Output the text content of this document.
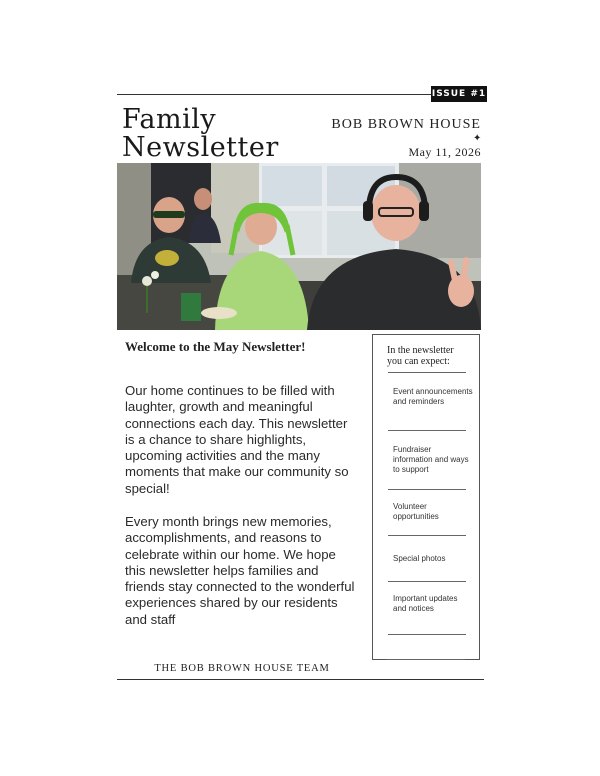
ISSUE #1
Family
Newsletter
BOB BROWN HOUSE
✦
May 11, 2026
Welcome to the May Newsletter!

Our home continues to be filled with laughter, growth and meaningful connections each day. This newsletter is a chance to share highlights, upcoming activities and the many moments that make our community so special!

Every month brings new memories, accomplishments, and reasons to celebrate within our home. We hope this newsletter helps families and friends stay connected to the wonderful experiences shared by our residents and staff

In the newsletter
you can expect:
Event announcements and reminders
Fundraiser information and ways to support
Volunteer opportunities
Special photos
Important updates and notices
THE BOB BROWN HOUSE TEAM
